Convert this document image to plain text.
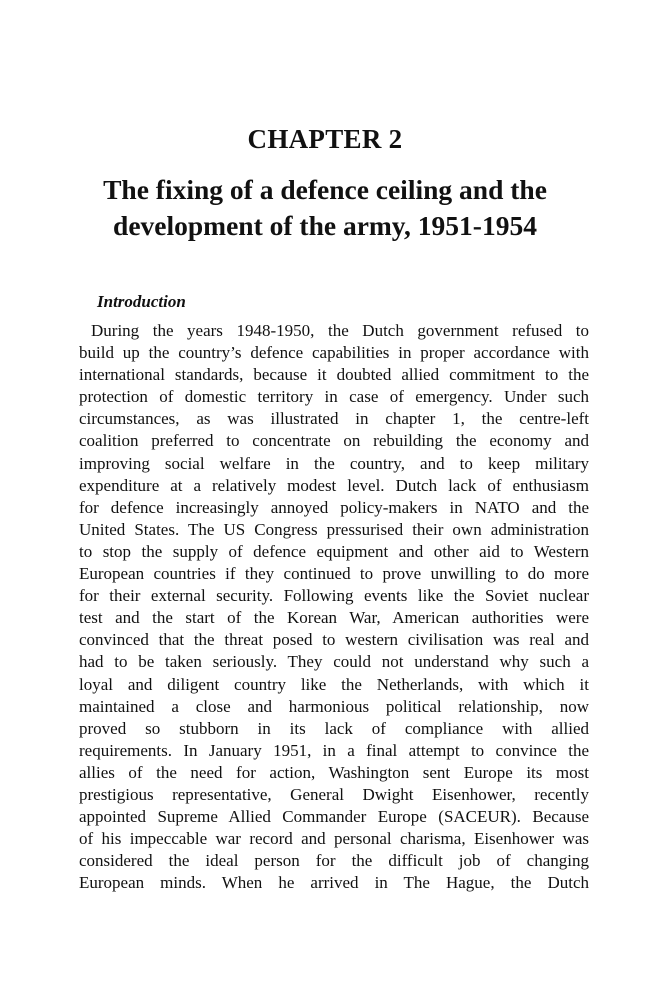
CHAPTER 2
The fixing of a defence ceiling and the
development of the army, 1951-1954
Introduction
During the years 1948-1950, the Dutch government refused to
build up the country’s defence capabilities in proper accordance with
international standards, because it doubted allied commitment to the
protection of domestic territory in case of emergency. Under such
circumstances, as was illustrated in chapter 1, the centre-left
coalition preferred to concentrate on rebuilding the economy and
improving social welfare in the country, and to keep military
expenditure at a relatively modest level. Dutch lack of enthusiasm
for defence increasingly annoyed policy-makers in NATO and the
United States. The US Congress pressurised their own administration
to stop the supply of defence equipment and other aid to Western
European countries if they continued to prove unwilling to do more
for their external security. Following events like the Soviet nuclear
test and the start of the Korean War, American authorities were
convinced that the threat posed to western civilisation was real and
had to be taken seriously. They could not understand why such a
loyal and diligent country like the Netherlands, with which it
maintained a close and harmonious political relationship, now
proved so stubborn in its lack of compliance with allied
requirements. In January 1951, in a final attempt to convince the
allies of the need for action, Washington sent Europe its most
prestigious representative, General Dwight Eisenhower, recently
appointed Supreme Allied Commander Europe (SACEUR). Because
of his impeccable war record and personal charisma, Eisenhower was
considered the ideal person for the difficult job of changing
European minds. When he arrived in The Hague, the Dutch
